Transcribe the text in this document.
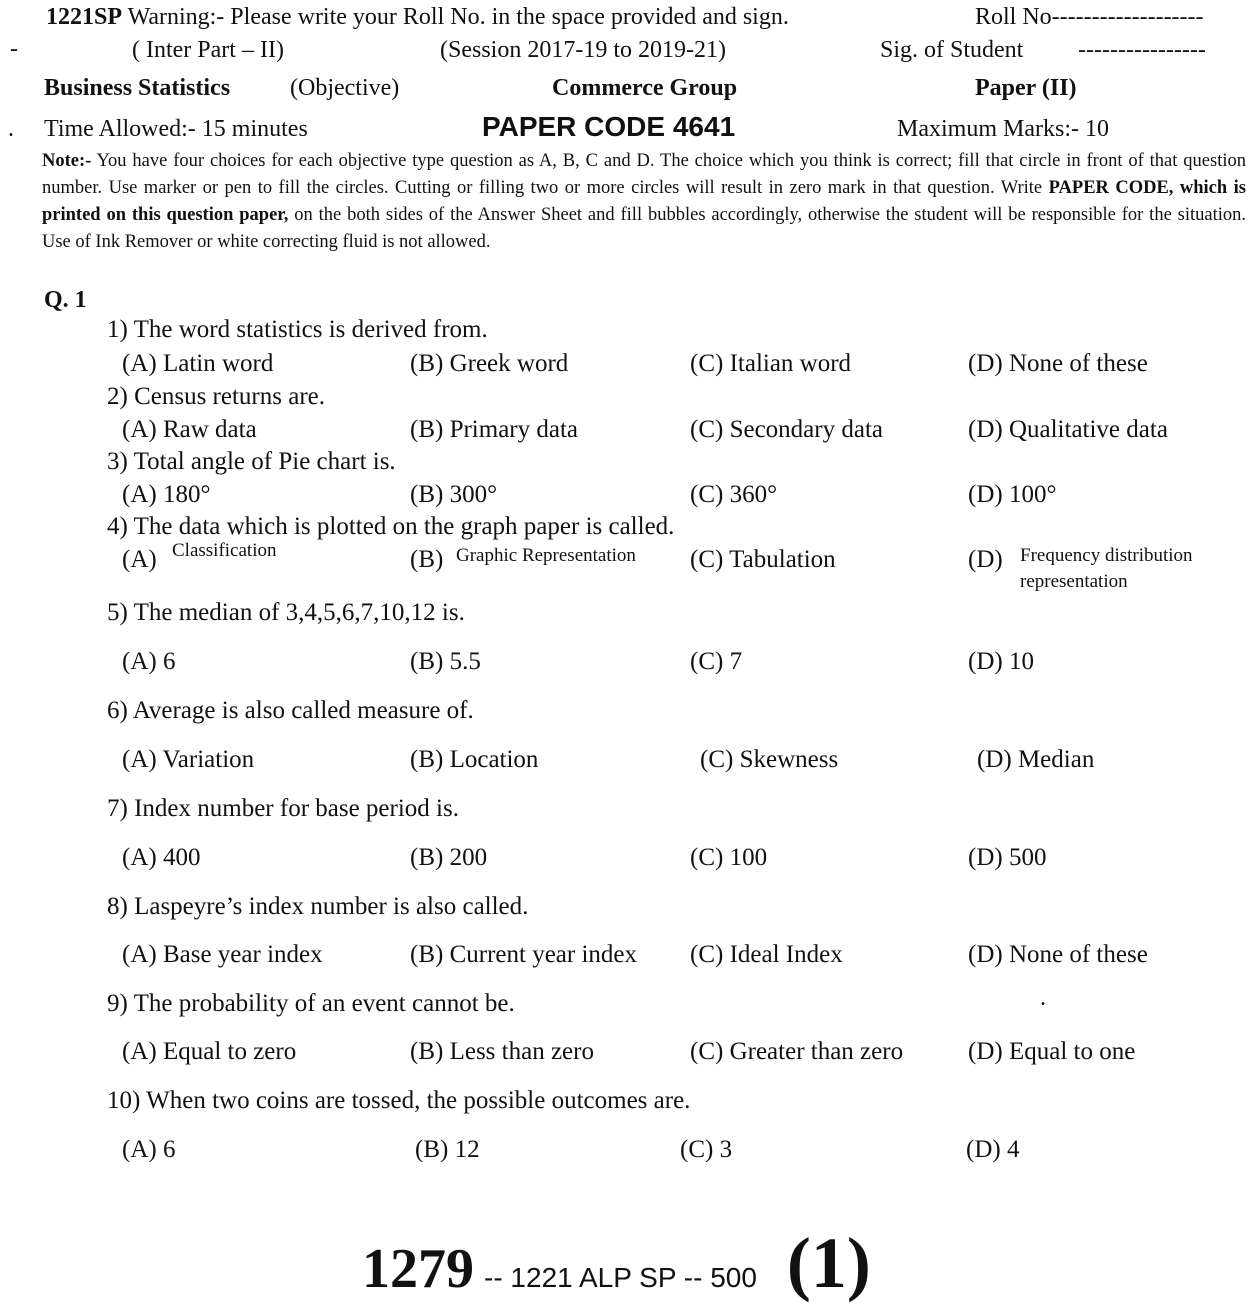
1221SP Warning:- Please write your Roll No. in the space provided and sign.	Roll No-------------------
-	( Inter Part – II)	(Session 2017-19 to 2019-21)	Sig. of Student ----------------
Business Statistics (Objective)	Commerce Group	Paper (II)
. Time Allowed:- 15 minutes	PAPER CODE 4641	Maximum Marks:- 10
Note:- You have four choices for each objective type question as A, B, C and D. The choice which you think is correct; fill that circle in front of that question number. Use marker or pen to fill the circles. Cutting or filling two or more circles will result in zero mark in that question. Write PAPER CODE, which is printed on this question paper, on the both sides of the Answer Sheet and fill bubbles accordingly, otherwise the student will be responsible for the situation. Use of Ink Remover or white correcting fluid is not allowed.
Q. 1
1) The word statistics is derived from.
(A) Latin word	(B) Greek word	(C) Italian word	(D) None of these
2) Census returns are.
(A) Raw data	(B) Primary data	(C) Secondary data	(D) Qualitative data
3) Total angle of Pie chart is.
(A) 180°	(B) 300°	(C) 360°	(D) 100°
4) The data which is plotted on the graph paper is called.
(A) Classification	(B) Graphic Representation (C) Tabulation	(D) Frequency distribution
representation
5) The median of 3,4,5,6,7,10,12 is.
(A) 6	(B) 5.5	(C) 7	(D) 10
6) Average is also called measure of.
(A) Variation	(B) Location	(C) Skewness	(D) Median
7) Index number for base period is.
(A) 400	(B) 200	(C) 100	(D) 500
8) Laspeyre’s index number is also called.
(A) Base year index	(B) Current year index (C) Ideal Index	(D) None of these
9) The probability of an event cannot be.	.
(A) Equal to zero	(B) Less than zero	(C) Greater than zero	(D) Equal to one
10) When two coins are tossed, the possible outcomes are.
(A) 6	(B) 12	(C) 3	(D) 4
1279 -- 1221 ALP SP -- 500 (1)
